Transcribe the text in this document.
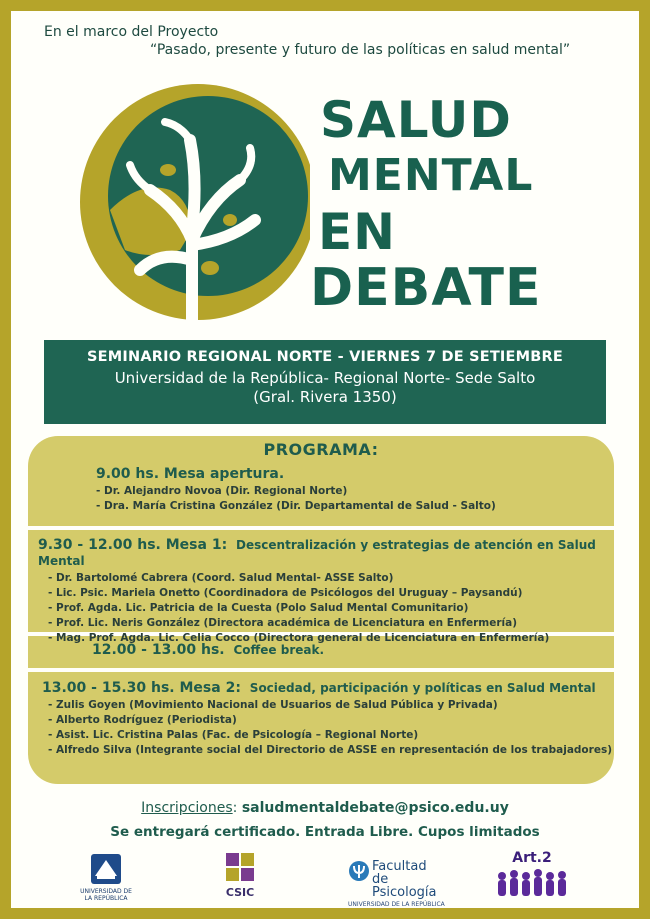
En el marco del Proyecto
“Pasado, presente y futuro de las políticas en salud mental”
SALUD
MENTAL
EN
DEBATE
SEMINARIO REGIONAL NORTE - VIERNES 7 DE SETIEMBRE
Universidad de la República- Regional Norte- Sede Salto
(Gral. Rivera 1350)
PROGRAMA:
9.00 hs. Mesa apertura.
- Dr. Alejandro Novoa (Dir. Regional Norte)
- Dra. María Cristina González (Dir. Departamental de Salud - Salto)
9.30 - 12.00 hs. Mesa 1: Descentralización y estrategias de atención en Salud Mental
- Dr. Bartolomé Cabrera (Coord. Salud Mental- ASSE Salto)
- Lic. Psic. Mariela Onetto (Coordinadora de Psicólogos del Uruguay – Paysandú)
- Prof. Agda. Lic. Patricia de la Cuesta (Polo Salud Mental Comunitario)
- Prof. Lic. Neris González (Directora académica de Licenciatura en Enfermería)
- Mag. Prof. Agda. Lic. Celia Cocco (Directora general de Licenciatura en Enfermería)
12.00 - 13.00 hs. Coffee break.
13.00 - 15.30 hs. Mesa 2: Sociedad, participación y políticas en Salud Mental
- Zulis Goyen (Movimiento Nacional de Usuarios de Salud Pública y Privada)
- Alberto Rodríguez (Periodista)
- Asist. Lic. Cristina Palas (Fac. de Psicología – Regional Norte)
- Alfredo Silva (Integrante social del Directorio de ASSE en representación de los trabajadores)
Inscripciones: saludmentaldebate@psico.edu.uy
Se entregará certificado. Entrada Libre. Cupos limitados
UNIVERSIDAD DE LA REPÚBLICA	CSIC
Facultad de
Psicología
UNIVERSIDAD DE LA REPÚBLICA
Art.2
